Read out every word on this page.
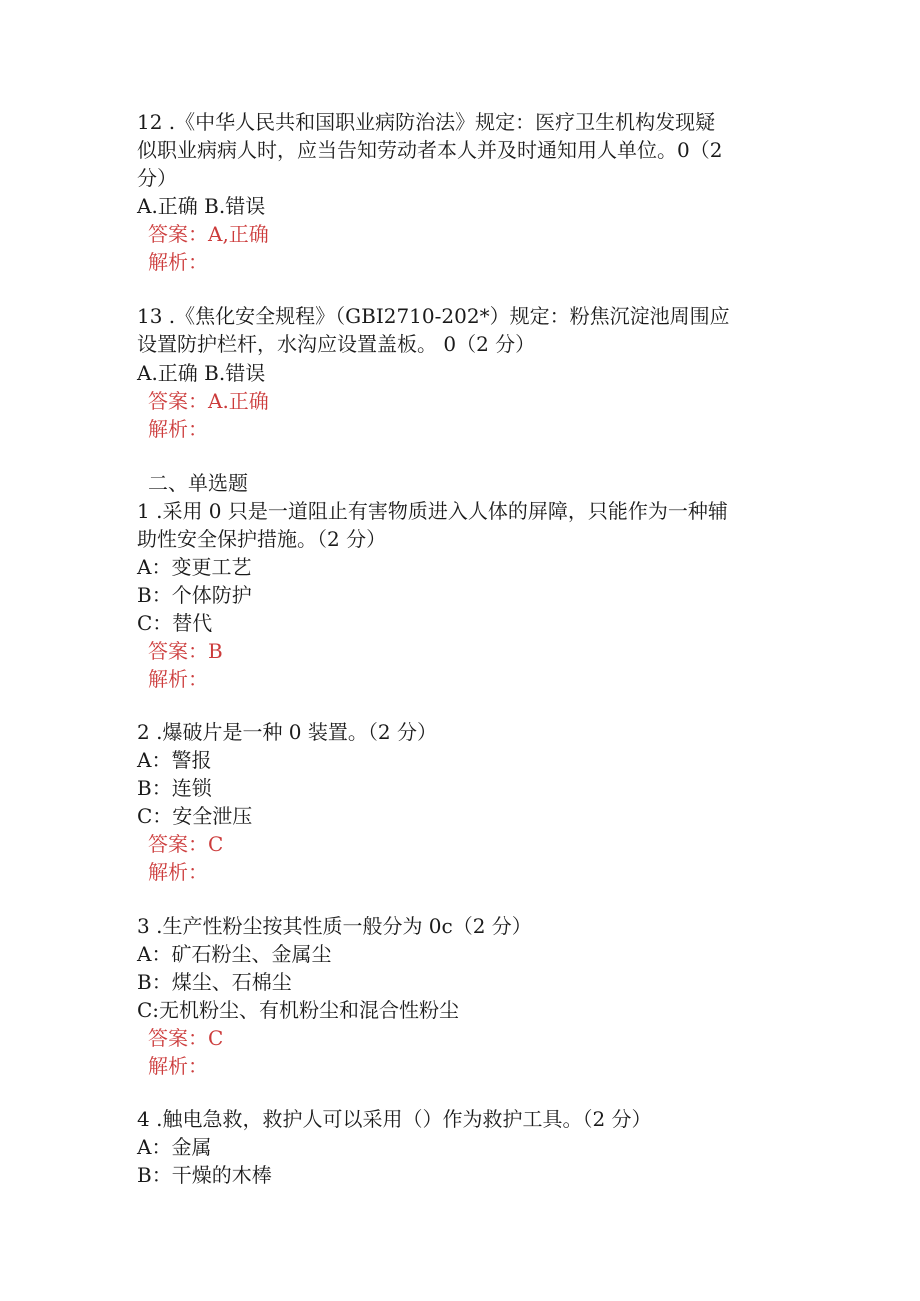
12 .《中华人民共和国职业病防治法》规定：医疗卫生机构发现疑
似职业病病人时，应当告知劳动者本人并及时通知用人单位。0（2
分）
A.正确 B.错误
答案：A,正确
解析：
13 .《焦化安全规程》（GBI2710-202*）规定：粉焦沉淀池周围应
设置防护栏杆，水沟应设置盖板。 0（2 分）
A.正确 B.错误
答案：A.正确
解析：
二、单选题
1 .采用 0 只是一道阻止有害物质进入人体的屏障，只能作为一种辅
助性安全保护措施。（2 分）
A：变更工艺
B：个体防护
C：替代
答案：B
解析：
2 .爆破片是一种 0 装置。（2 分）
A：警报
B：连锁
C：安全泄压
答案：C
解析：
3 .生产性粉尘按其性质一般分为 0c（2 分）
A：矿石粉尘、金属尘
B：煤尘、石棉尘
C:无机粉尘、有机粉尘和混合性粉尘
答案：C
解析：
4 .触电急救，救护人可以采用（）作为救护工具。（2 分）
A：金属
B：干燥的木棒
